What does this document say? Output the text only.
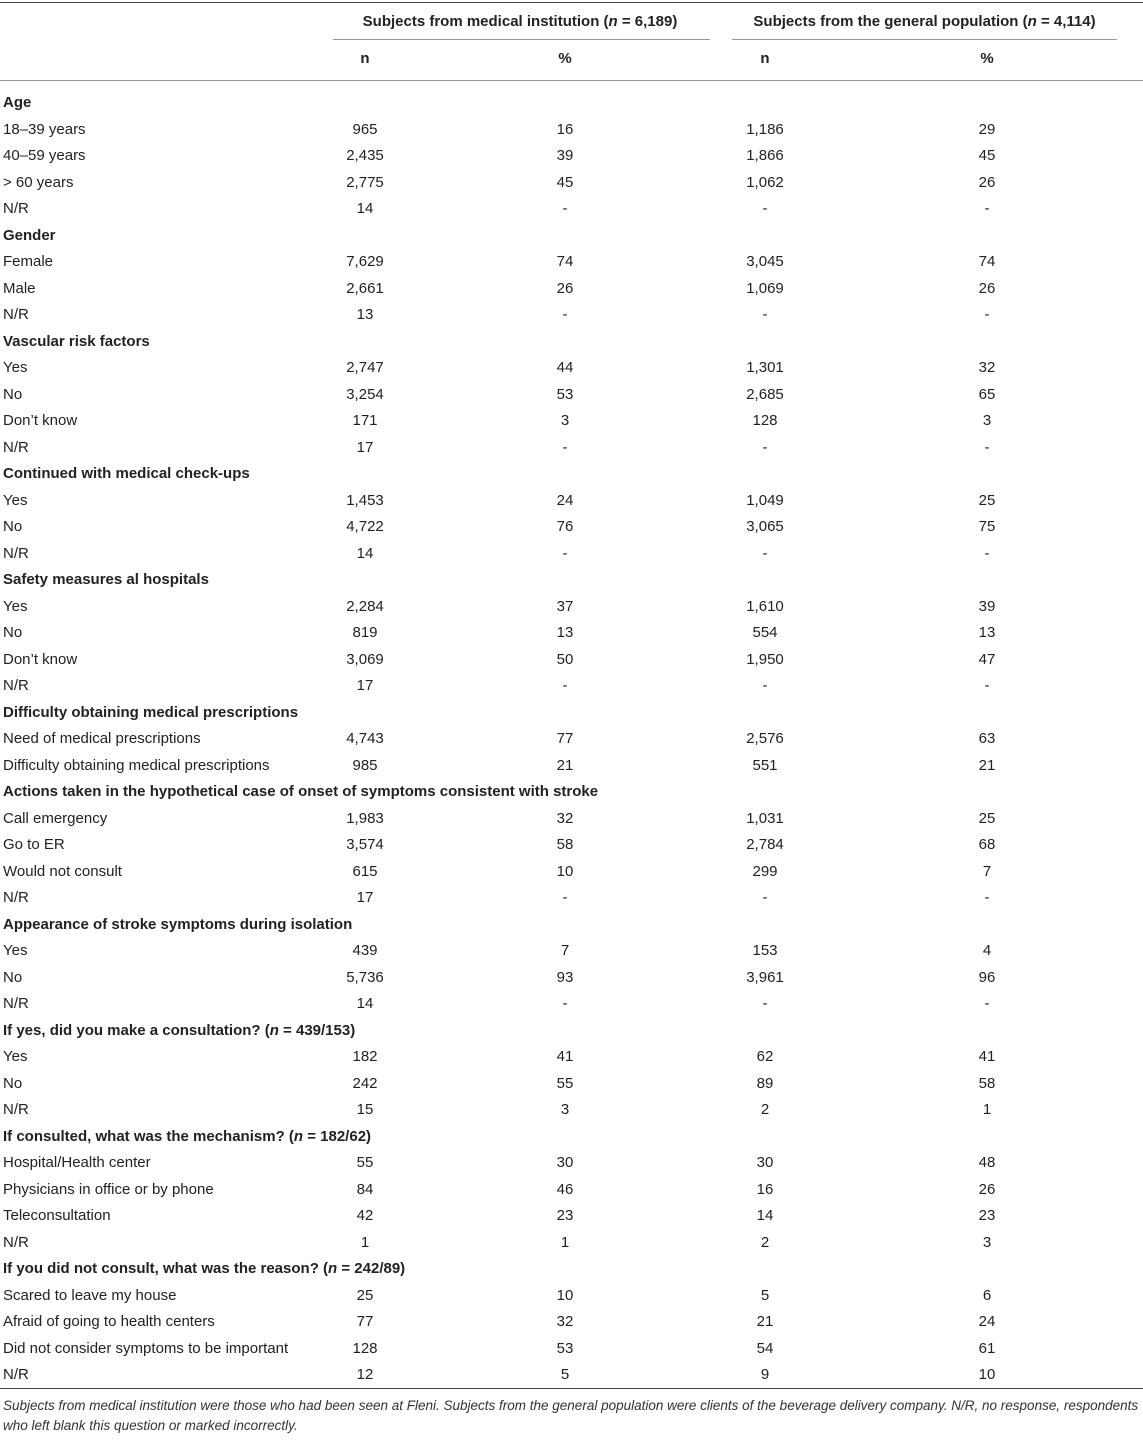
Subjects from medical institution (n = 6,189)	Subjects from the general population (n = 4,114)
n	%	n	%
Age
18–39 years	965	16	1,186	29
40–59 years	2,435	39	1,866	45
> 60 years	2,775	45	1,062	26
N/R	14	-	-	-
Gender
Female	7,629	74	3,045	74
Male	2,661	26	1,069	26
N/R	13	-	-	-
Vascular risk factors
Yes	2,747	44	1,301	32
No	3,254	53	2,685	65
Don’t know	171	3	128	3
N/R	17	-	-	-
Continued with medical check-ups
Yes	1,453	24	1,049	25
No	4,722	76	3,065	75
N/R	14	-	-	-
Safety measures al hospitals
Yes	2,284	37	1,610	39
No	819	13	554	13
Don’t know	3,069	50	1,950	47
N/R	17	-	-	-
Difficulty obtaining medical prescriptions
Need of medical prescriptions	4,743	77	2,576	63
Difficulty obtaining medical prescriptions	985	21	551	21
Actions taken in the hypothetical case of onset of symptoms consistent with stroke
Call emergency	1,983	32	1,031	25
Go to ER	3,574	58	2,784	68
Would not consult	615	10	299	7
N/R	17	-	-	-
Appearance of stroke symptoms during isolation
Yes	439	7	153	4
No	5,736	93	3,961	96
N/R	14	-	-	-
If yes, did you make a consultation? (n = 439/153)
Yes	182	41	62	41
No	242	55	89	58
N/R	15	3	2	1
If consulted, what was the mechanism? (n = 182/62)
Hospital/Health center	55	30	30	48
Physicians in office or by phone	84	46	16	26
Teleconsultation	42	23	14	23
N/R	1	1	2	3
If you did not consult, what was the reason? (n = 242/89)
Scared to leave my house	25	10	5	6
Afraid of going to health centers	77	32	21	24
Did not consider symptoms to be important	128	53	54	61
N/R	12	5	9	10
Subjects from medical institution were those who had been seen at Fleni. Subjects from the general population were clients of the beverage delivery company. N/R, no response, respondents who left blank this question or marked incorrectly.
